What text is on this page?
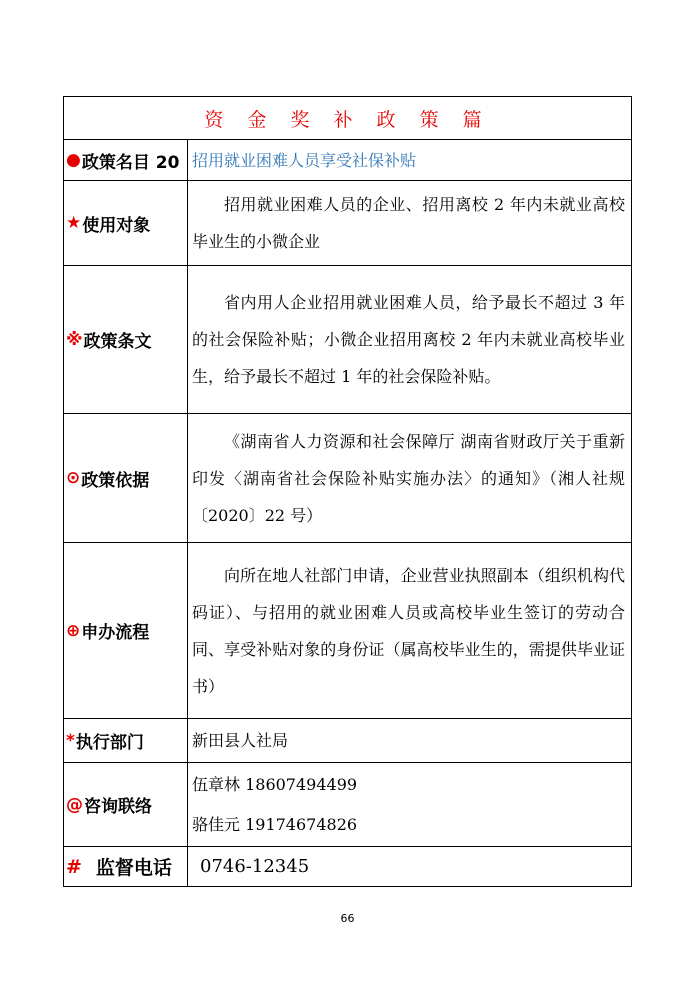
资 金 奖 补 政 策 篇
● 政策名目 20 招用就业困难人员享受社保补贴
★ 使用对象
招用就业困难人员的企业、招用离校 2 年内未就业高校毕业生的小微企业
※ 政策条文
省内用人企业招用就业困难人员，给予最长不超过 3 年的社会保险补贴；小微企业招用离校 2 年内未就业高校毕业生，给予最长不超过 1 年的社会保险补贴。
⊙ 政策依据
《湖南省人力资源和社会保障厅 湖南省财政厅关于重新印发〈湖南省社会保险补贴实施办法〉的通知》（湘人社规〔2020〕22 号）
⊕ 申办流程
向所在地人社部门申请，企业营业执照副本（组织机构代码证）、与招用的就业困难人员或高校毕业生签订的劳动合同、享受补贴对象的身份证（属高校毕业生的，需提供毕业证书）
* 执行部门	新田县人社局
@ 咨询联络
伍章林 18607494499
骆佳元 19174674826
# 监督电话 0746-12345
66
